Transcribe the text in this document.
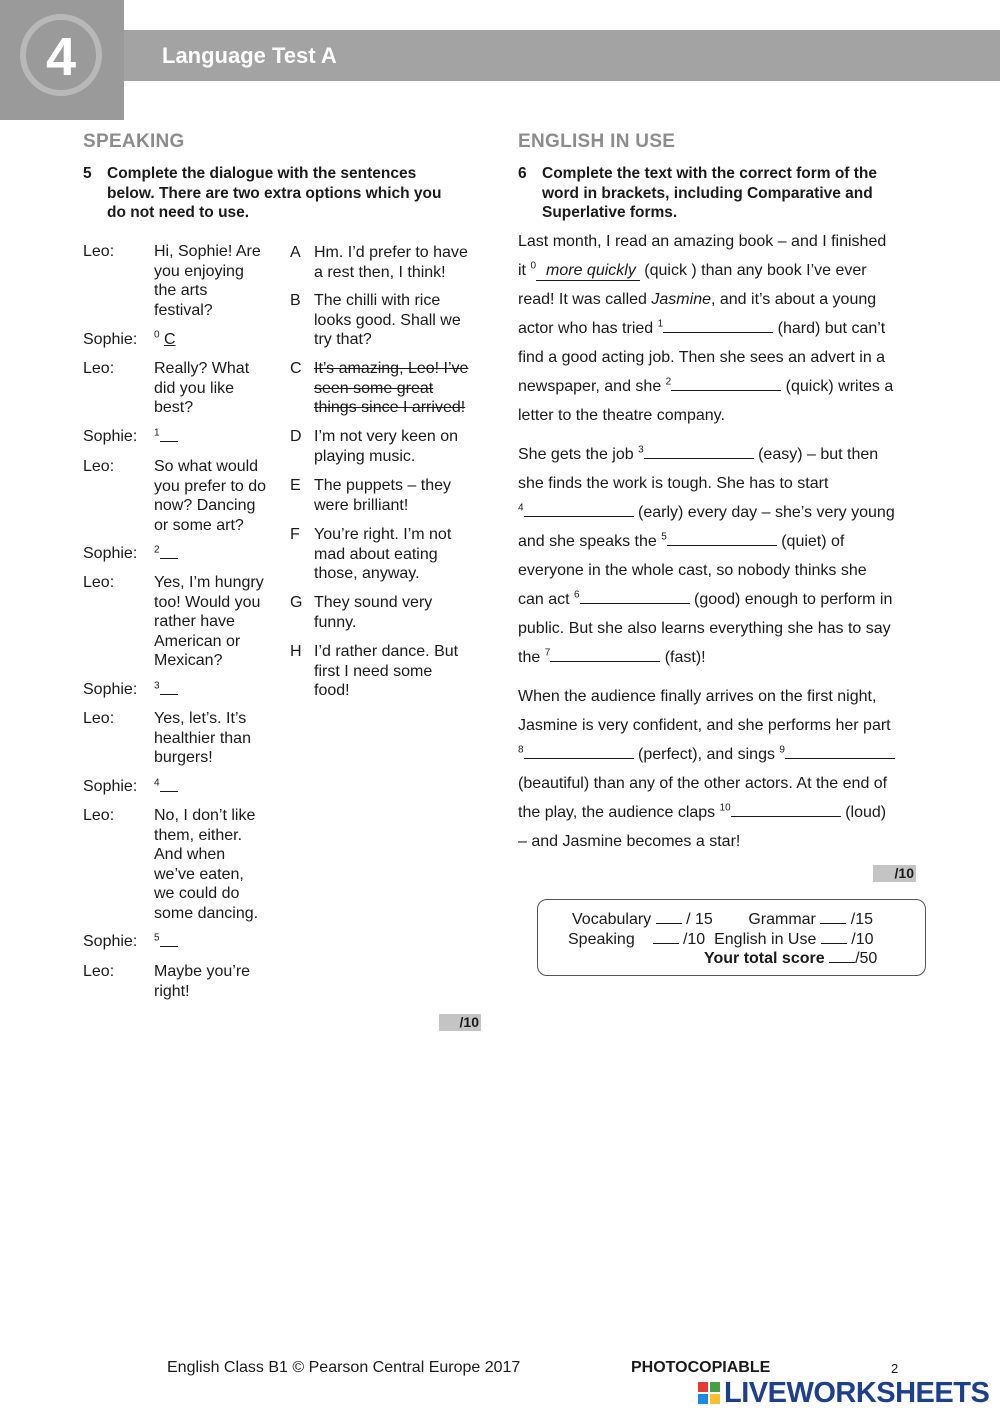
4	Language Test A
SPEAKING
5 Complete the dialogue with the sentences
below. There are two extra options which you
do not need to use.
Leo: Hi, Sophie! Are
you enjoying
the arts
festival?
Sophie: $^0$ C
Leo: Really? What
did you like
best?
Sophie: $^1$
Leo: So what would
you prefer to do
now? Dancing
or some art?
Sophie: $^2$
Leo: Yes, I’m hungry
too! Would you
rather have
American or
Mexican?
Sophie: $^3$
Leo: Yes, let’s. It’s
healthier than
burgers!
Sophie: $^4$
Leo: No, I don’t like
them, either.
And when
we’ve eaten,
we could do
some dancing.
Sophie: $^5$
Leo: Maybe you’re
right!
A Hm. I’d prefer to have
a rest then, I think!
B The chilli with rice
looks good. Shall we
try that?
C It’s amazing, Leo! I’ve
seen some great
things since I arrived!
D I’m not very keen on
playing music.
E The puppets – they
were brilliant!
F You’re right. I’m not
mad about eating
those, anyway.
G They sound very
funny.
H I’d rather dance. But
first I need some
food!
/10
ENGLISH IN USE
6 Complete the text with the correct form of the
word in brackets, including Comparative and
Superlative forms.
Last month, I read an amazing book – and I finished
it $^0$ more quickly (quick ) than any book I’ve ever
read! It was called Jasmine, and it’s about a young
actor who has tried $^1$	(hard) but can’t
find a good acting job. Then she sees an advert in a
newspaper, and she $^2$	(quick) writes a
letter to the theatre company.
She gets the job $^3$	(easy) – but then
she finds the work is tough. She has to start
$^4$	(early) every day – she’s very young
and she speaks the $^5$	(quiet) of
everyone in the whole cast, so nobody thinks she
can act $^6$	(good) enough to perform in
public. But she also learns everything she has to say
the $^7$	(fast)!
When the audience finally arrives on the first night,
Jasmine is very confident, and she performs her part
$^8$	(perfect), and sings $^9$
(beautiful) than any of the other actors. At the end of
the play, the audience claps $^{10}$	(loud)
– and Jasmine becomes a star!
/10
Vocabulary / 15 Grammar /15
Speaking	/10 English in Use /10
Your total score /50
English Class B1 © Pearson Central Europe 2017	PHOTOCOPIABLE	2
LIVEWORKSHEETS
